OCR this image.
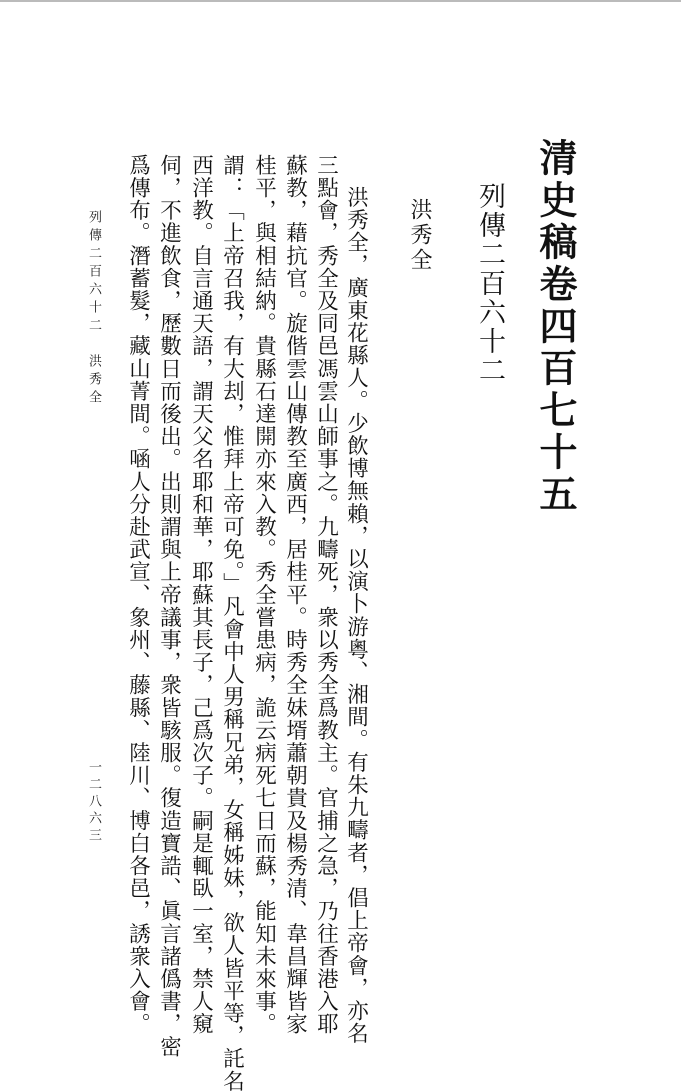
清史稿卷四百七十五
列傳二百六十二
洪秀全
洪秀全，廣東花縣人。少飲博無賴，以演卜游粵、湘間。有朱九疇者，倡上帝會，亦名
三點會，秀全及同邑馮雲山師事之。九疇死，衆以秀全爲教主。官捕之急，乃往香港入耶
蘇教，藉抗官。旋偕雲山傳教至廣西，居桂平。時秀全妹壻蕭朝貴及楊秀清、韋昌輝皆家
桂平，與相結納。貴縣石達開亦來入教。秀全嘗患病，詭云病死七日而蘇，能知未來事。
謂：「上帝召我，有大刦，惟拜上帝可免。」凡會中人男稱兄弟，女稱姊妹，欲人皆平等，託名
西洋教。自言通天語，謂天父名耶和華，耶蘇其長子，己爲次子。嗣是輒臥一室，禁人窺
伺，不進飲食，歷數日而後出。出則謂與上帝議事，衆皆駭服。復造寶誥、眞言諸僞書，密
爲傳布。潛蓄髮，藏山菁間。㖤人分赴武宣、象州、藤縣、陸川、博白各邑，誘衆入會。
列傳二百六十二　洪秀全
一二八六三
